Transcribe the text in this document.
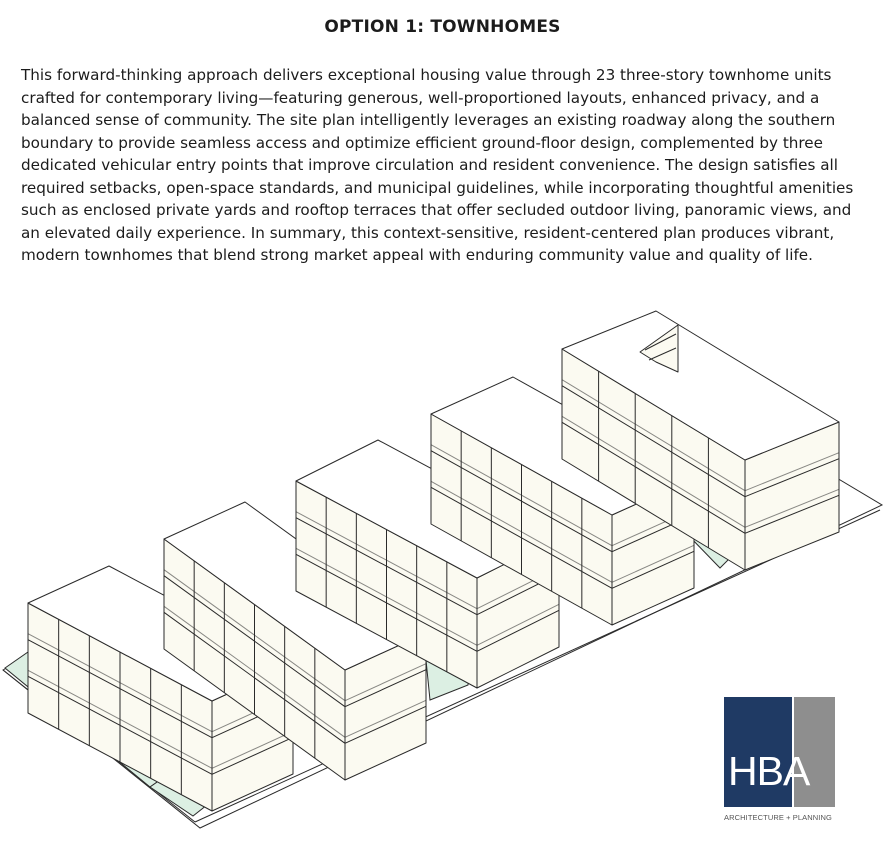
OPTION 1: TOWNHOMES
This forward-thinking approach delivers exceptional housing value through 23 three-story townhome units crafted for contemporary living—featuring generous, well-proportioned layouts, enhanced privacy, and a balanced sense of community. The site plan intelligently leverages an existing roadway along the southern boundary to provide seamless access and optimize efficient ground-floor design, complemented by three dedicated vehicular entry points that improve circulation and resident convenience. The design satisfies all required setbacks, open-space standards, and municipal guidelines, while incorporating thoughtful amenities such as enclosed private yards and rooftop terraces that offer secluded outdoor living, panoramic views, and an elevated daily experience. In summary, this context-sensitive, resident-centered plan produces vibrant, modern townhomes that blend strong market appeal with enduring community value and quality of life.
HBA
ARCHITECTURE + PLANNING
